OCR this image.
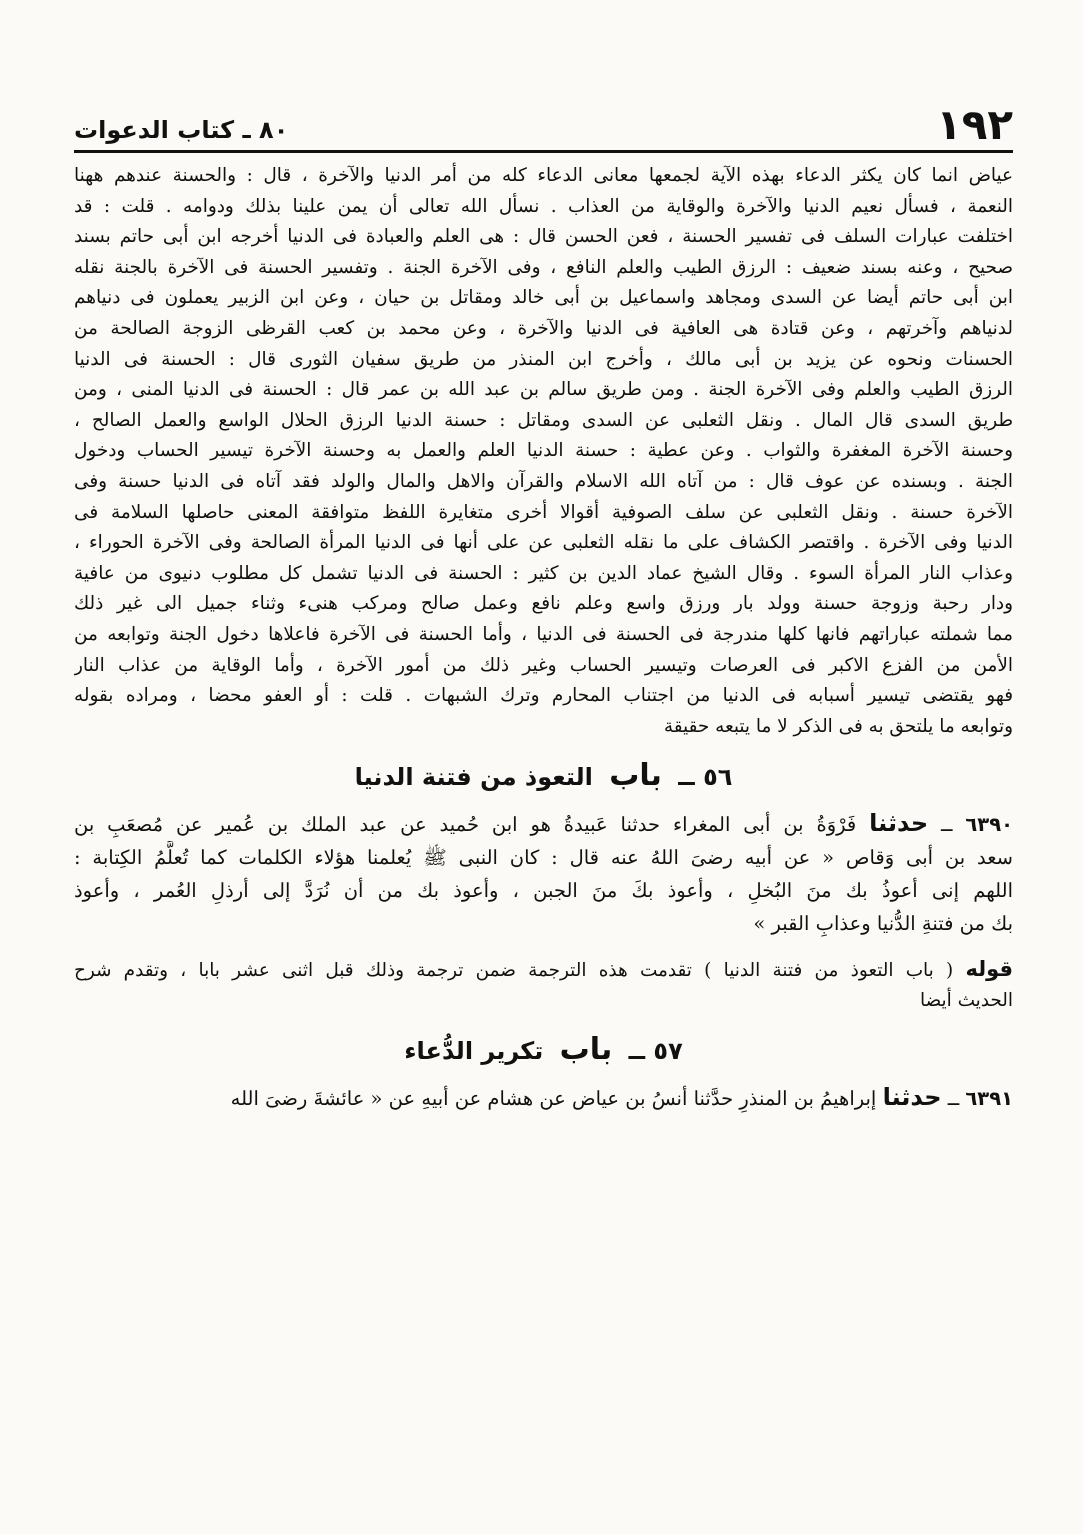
١٩٢
٨٠ ـ كتاب الدعوات
عياض انما كان يكثر الدعاء بهذه الآية لجمعها معانى الدعاء كله من أمر الدنيا والآخرة ، قال : والحسنة عندهم ههنا
النعمة ، فسأل نعيم الدنيا والآخرة والوقاية من العذاب . نسأل الله تعالى أن يمن علينا بذلك ودوامه . قلت : قد
اختلفت عبارات السلف فى تفسير الحسنة ، فعن الحسن قال : هى العلم والعبادة فى الدنيا أخرجه ابن أبى حاتم بسند
صحيح ، وعنه بسند ضعيف : الرزق الطيب والعلم النافع ، وفى الآخرة الجنة . وتفسير الحسنة فى الآخرة بالجنة نقله
ابن أبى حاتم أيضا عن السدى ومجاهد واسماعيل بن أبى خالد ومقاتل بن حيان ، وعن ابن الزبير يعملون فى دنياهم
لدنياهم وآخرتهم ، وعن قتادة هى العافية فى الدنيا والآخرة ، وعن محمد بن كعب القرظى الزوجة الصالحة من
الحسنات ونحوه عن يزيد بن أبى مالك ، وأخرج ابن المنذر من طريق سفيان الثورى قال : الحسنة فى الدنيا
الرزق الطيب والعلم وفى الآخرة الجنة . ومن طريق سالم بن عبد الله بن عمر قال : الحسنة فى الدنيا المنى ، ومن
طريق السدى قال المال . ونقل الثعلبى عن السدى ومقاتل : حسنة الدنيا الرزق الحلال الواسع والعمل الصالح ،
وحسنة الآخرة المغفرة والثواب . وعن عطية : حسنة الدنيا العلم والعمل به وحسنة الآخرة تيسير الحساب ودخول
الجنة . وبسنده عن عوف قال : من آتاه الله الاسلام والقرآن والاهل والمال والولد فقد آتاه فى الدنيا حسنة وفى
الآخرة حسنة . ونقل الثعلبى عن سلف الصوفية أقوالا أخرى متغايرة اللفظ متوافقة المعنى حاصلها السلامة فى
الدنيا وفى الآخرة . واقتصر الكشاف على ما نقله الثعلبى عن على أنها فى الدنيا المرأة الصالحة وفى الآخرة الحوراء ،
وعذاب النار المرأة السوء . وقال الشيخ عماد الدين بن كثير : الحسنة فى الدنيا تشمل كل مطلوب دنيوى من عافية
ودار رحبة وزوجة حسنة وولد بار ورزق واسع وعلم نافع وعمل صالح ومركب هنىء وثناء جميل الى غير ذلك
مما شملته عباراتهم فانها كلها مندرجة فى الحسنة فى الدنيا ، وأما الحسنة فى الآخرة فاعلاها دخول الجنة وتوابعه من
الأمن من الفزع الاكبر فى العرصات وتيسير الحساب وغير ذلك من أمور الآخرة ، وأما الوقاية من عذاب النار
فهو يقتضى تيسير أسبابه فى الدنيا من اجتناب المحارم وترك الشبهات . قلت : أو العفو محضا ، ومراده بقوله
وتوابعه ما يلتحق به فى الذكر لا ما يتبعه حقيقة
٥٦ ــ باب التعوذ من فتنة الدنيا
٦٣٩٠ ــ حدثنا فَرْوَةُ بن أبى المغراء حدثنا عَبيدةُ هو ابن حُميد عن عبد الملك بن عُمير عن مُصعَبِ بن
سعد بن أبى وَقاص « عن أبيه رضىَ اللهُ عنه قال : كان النبى ﷺ يُعلمنا هؤلاء الكلمات كما تُعلَّمُ الكِتابة :
اللهم إنى أعوذُ بك منَ البُخلِ ، وأعوذ بكَ منَ الجبن ، وأعوذ بك من أن نُرَدَّ إلى أرذلِ العُمر ، وأعوذ
بك من فتنةِ الدُّنيا وعذابِ القبر »
قوله ( باب التعوذ من فتنة الدنيا ) تقدمت هذه الترجمة ضمن ترجمة وذلك قبل اثنى عشر بابا ، وتقدم شرح
الحديث أيضا
٥٧ ــ باب تكرير الدُّعاء
٦٣٩١ ــ حدثنا إبراهيمُ بن المنذرِ حدَّثنا أنسُ بن عياض عن هشام عن أبيهِ عن « عائشةَ رضىَ الله
